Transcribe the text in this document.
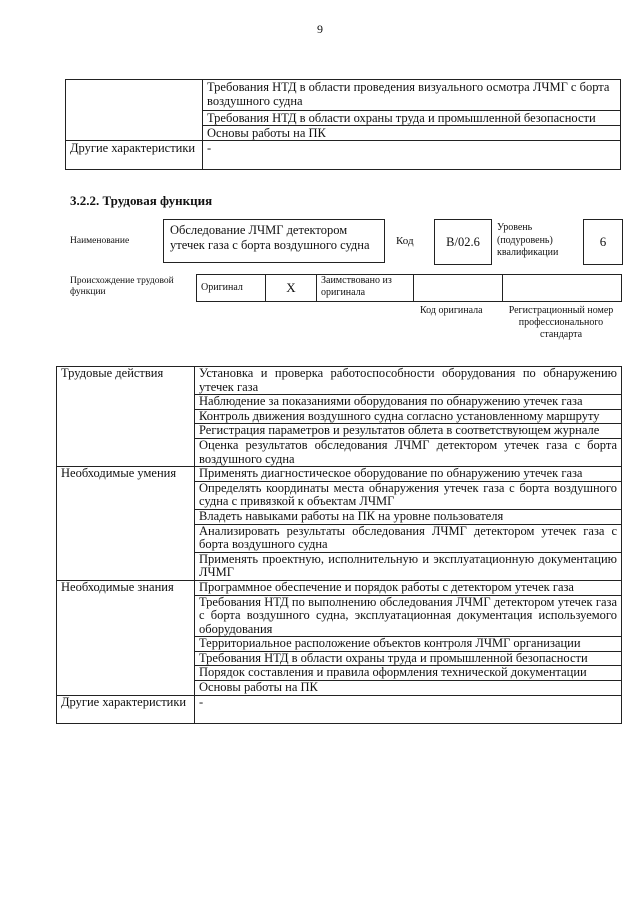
9
	Требования НТД в области проведения визуального осмотра ЛЧМГ с борта воздушного судна
	Требования НТД в области охраны труда и промышленной безопасности
	Основы работы на ПК
Другие характеристики	-
3.2.2. Трудовая функция
Наименование
Обследование ЛЧМГ детектором утечек газа с борта воздушного судна	Код	B/02.6
Уровень (подуровень) квалификации
6
Происхождение трудовой функции	Оригинал	X	Заимствовано из оригинала		
Код оригинала	Регистрационный номер профессионального стандарта
Трудовые действия	Установка и проверка работоспособности оборудования по обнаружению утечек газа
	Наблюдение за показаниями оборудования по обнаружению утечек газа
	Контроль движения воздушного судна согласно установленному маршруту
	Регистрация параметров и результатов облета в соответствующем журнале
	Оценка результатов обследования ЛЧМГ детектором утечек газа с борта воздушного судна
Необходимые умения	Применять диагностическое оборудование по обнаружению утечек газа
	Определять координаты места обнаружения утечек газа с борта воздушного судна с привязкой к объектам ЛЧМГ
	Владеть навыками работы на ПК на уровне пользователя
	Анализировать результаты обследования ЛЧМГ детектором утечек газа с борта воздушного судна
	Применять проектную, исполнительную и эксплуатационную документацию ЛЧМГ
Необходимые знания	Программное обеспечение и порядок работы с детектором утечек газа
	Требования НТД по выполнению обследования ЛЧМГ детектором утечек газа с борта воздушного судна, эксплуатационная документация используемого оборудования
	Территориальное расположение объектов контроля ЛЧМГ организации
	Требования НТД в области охраны труда и промышленной безопасности
	Порядок составления и правила оформления технической документации
	Основы работы на ПК
Другие характеристики	-
